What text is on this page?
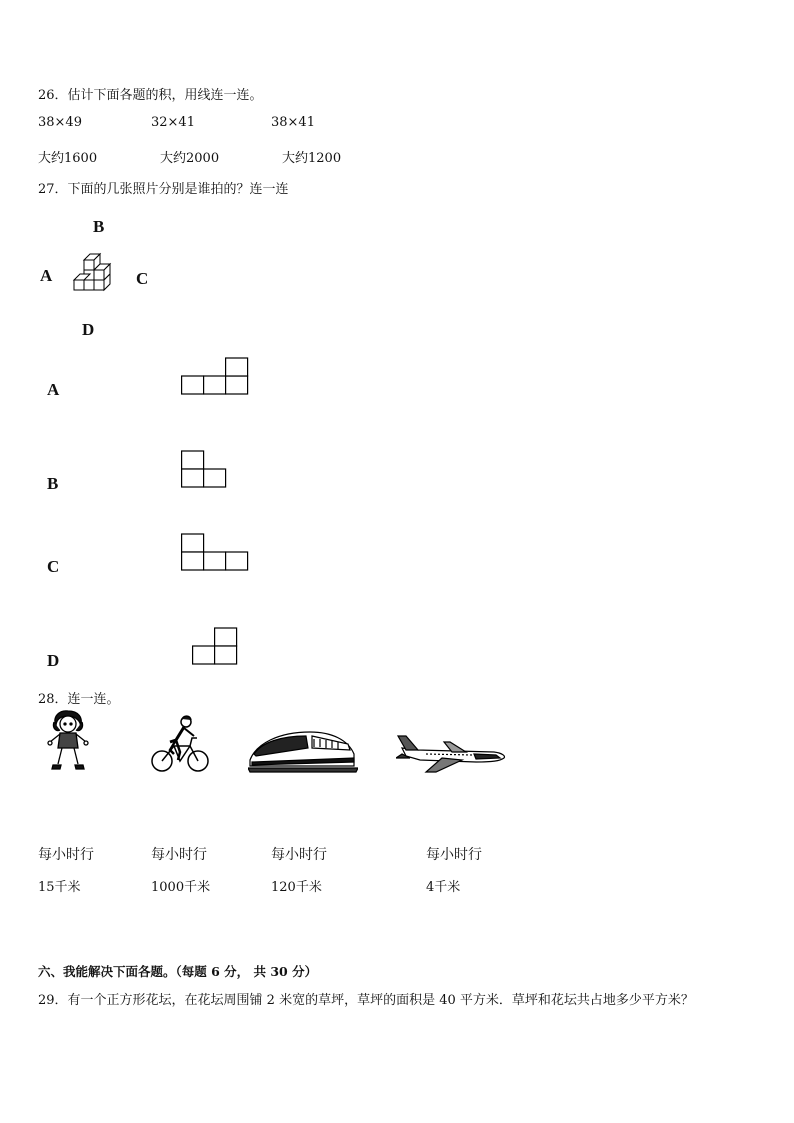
26．估计下面各题的积，用线连一连。
38×49	32×41	38×41
大约1600	大约2000	大约1200
27．下面的几张照片分别是谁拍的？连一连
B
A	C
D
A
B
C
D
28．连一连。
每小时行	每小时行	每小时行	每小时行
15千米	1000千米	120千米	4千米
六、我能解决下面各题。（每题 6 分， 共 30 分）
29．有一个正方形花坛，在花坛周围铺 2 米宽的草坪，草坪的面积是 40 平方米．草坪和花坛共占地多少平方米？
